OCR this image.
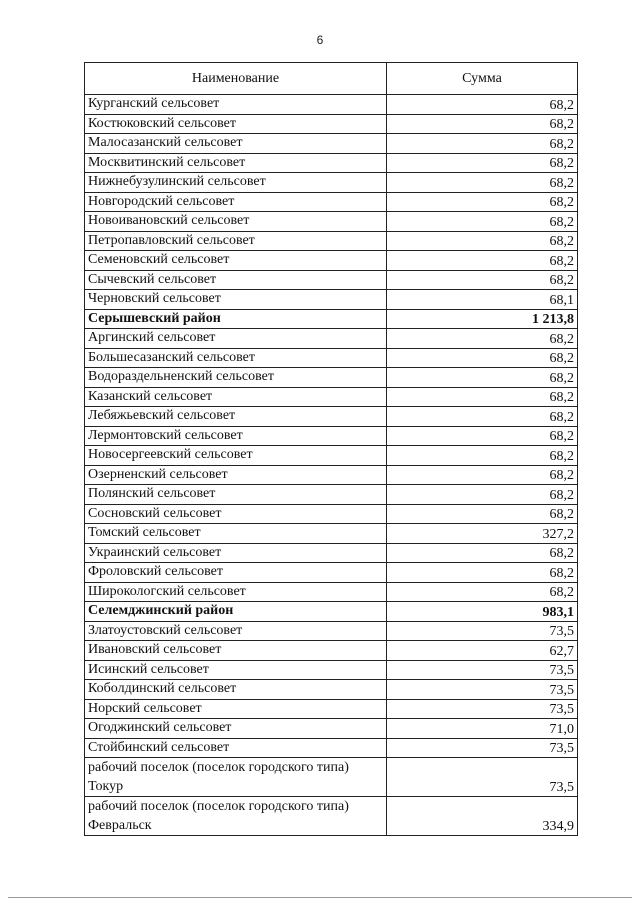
6
Наименование	Сумма
Курганский сельсовет	68,2
Костюковский сельсовет	68,2
Малосазанский сельсовет	68,2
Москвитинский сельсовет	68,2
Нижнебузулинский сельсовет	68,2
Новгородский сельсовет	68,2
Новоивановский сельсовет	68,2
Петропавловский сельсовет	68,2
Семеновский сельсовет	68,2
Сычевский сельсовет	68,2
Черновский сельсовет	68,1
Серышевский район	1 213,8
Аргинский сельсовет	68,2
Большесазанский сельсовет	68,2
Водораздельненский сельсовет	68,2
Казанский сельсовет	68,2
Лебяжьевский сельсовет	68,2
Лермонтовский сельсовет	68,2
Новосергеевский сельсовет	68,2
Озерненский сельсовет	68,2
Полянский сельсовет	68,2
Сосновский сельсовет	68,2
Томский сельсовет	327,2
Украинский сельсовет	68,2
Фроловский сельсовет	68,2
Широкологский сельсовет	68,2
Селемджинский район	983,1
Златоустовский сельсовет	73,5
Ивановский сельсовет	62,7
Исинский сельсовет	73,5
Коболдинский сельсовет	73,5
Норский сельсовет	73,5
Огоджинский сельсовет	71,0
Стойбинский сельсовет	73,5
рабочий поселок (поселок городского типа) Токур	73,5
рабочий поселок (поселок городского типа) Февральск	334,9
